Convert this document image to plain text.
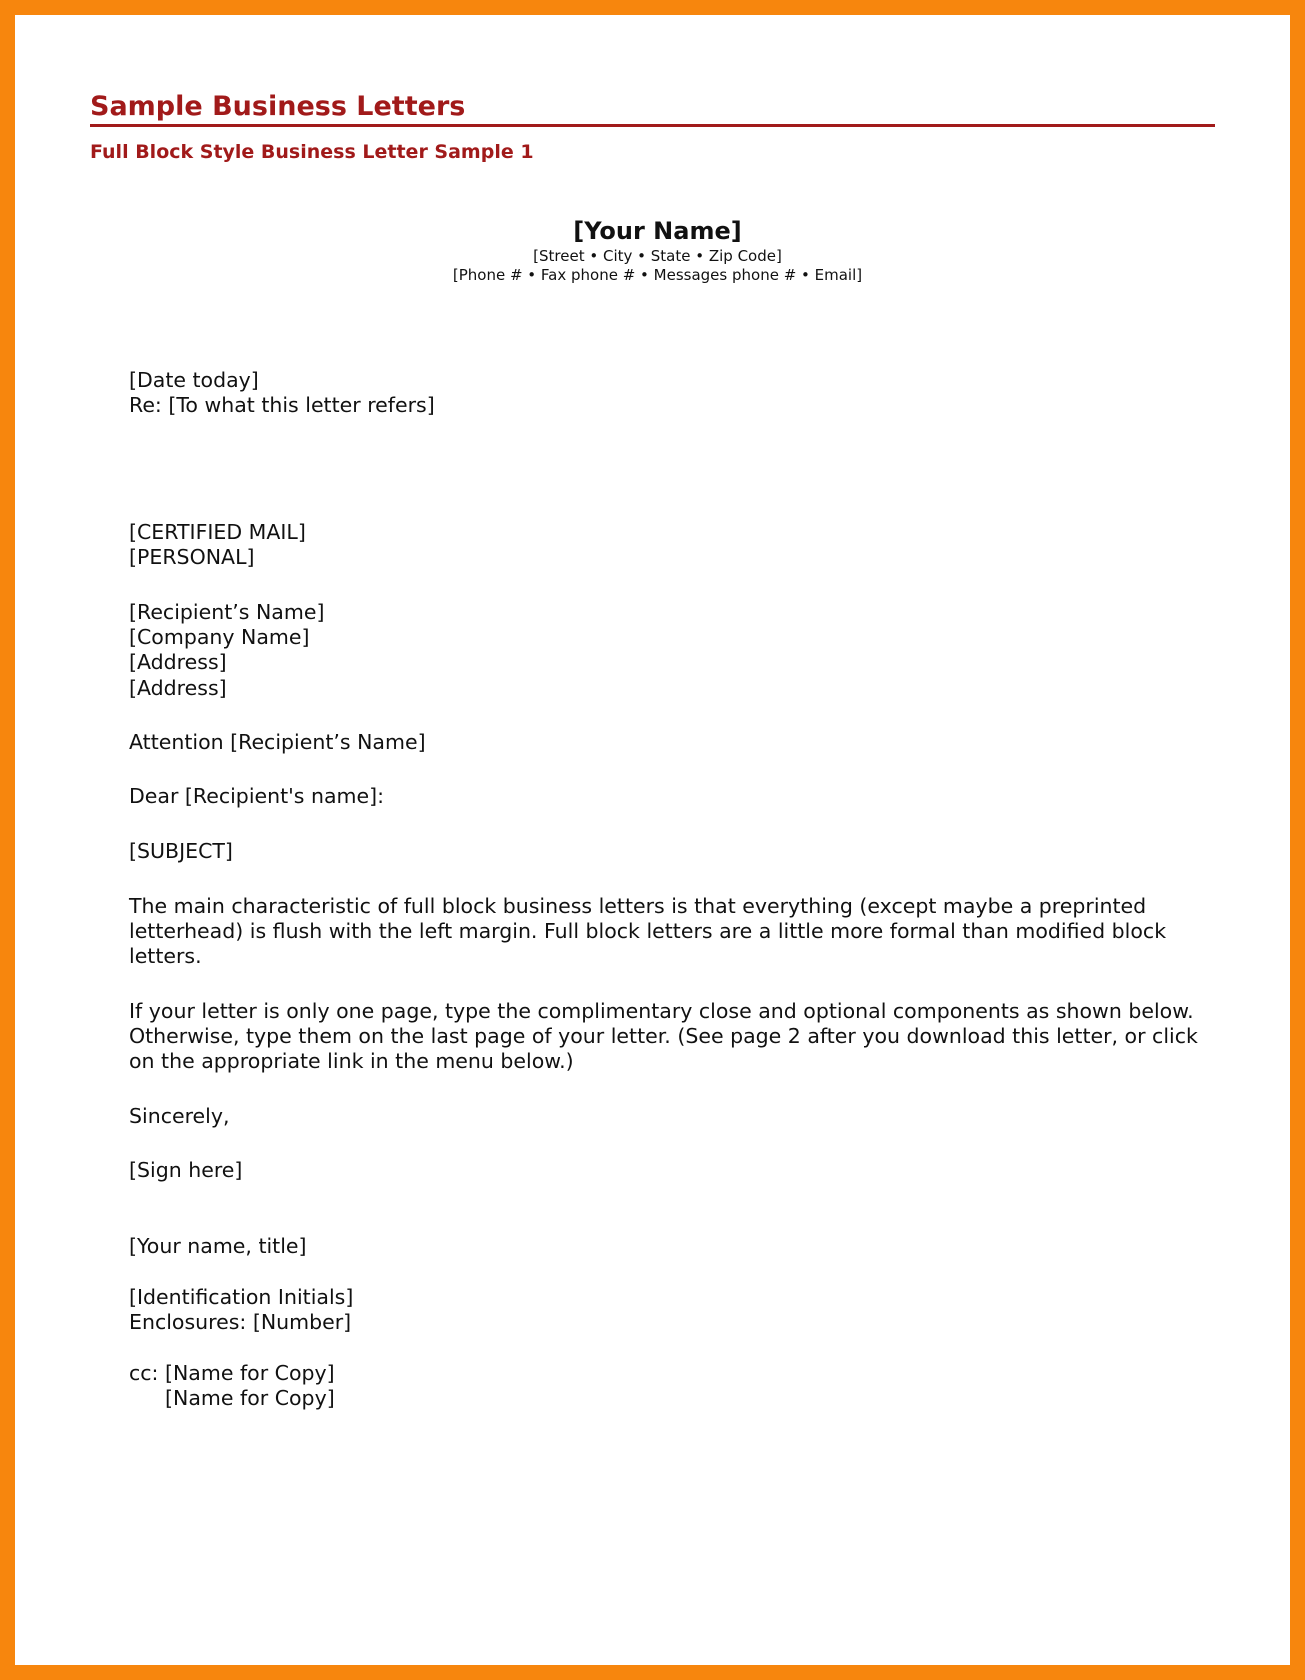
Sample Business Letters
Full Block Style Business Letter Sample 1
[Your Name]
[Street • City • State • Zip Code]
[Phone # • Fax phone # • Messages phone # • Email]
[Date today]
Re: [To what this letter refers]
[CERTIFIED MAIL]
[PERSONAL]
[Recipient’s Name]
[Company Name]
[Address]
[Address]
Attention [Recipient’s Name]
Dear [Recipient's name]:
[SUBJECT]
The main characteristic of full block business letters is that everything (except maybe a preprinted letterhead) is flush with the left margin. Full block letters are a little more formal than modified block letters.
If your letter is only one page, type the complimentary close and optional components as shown below. Otherwise, type them on the last page of your letter. (See page 2 after you download this letter, or click on the appropriate link in the menu below.)
Sincerely,
[Sign here]
[Your name, title]
[Identification Initials]
Enclosures: [Number]
cc: [Name for Copy]
[Name for Copy]
